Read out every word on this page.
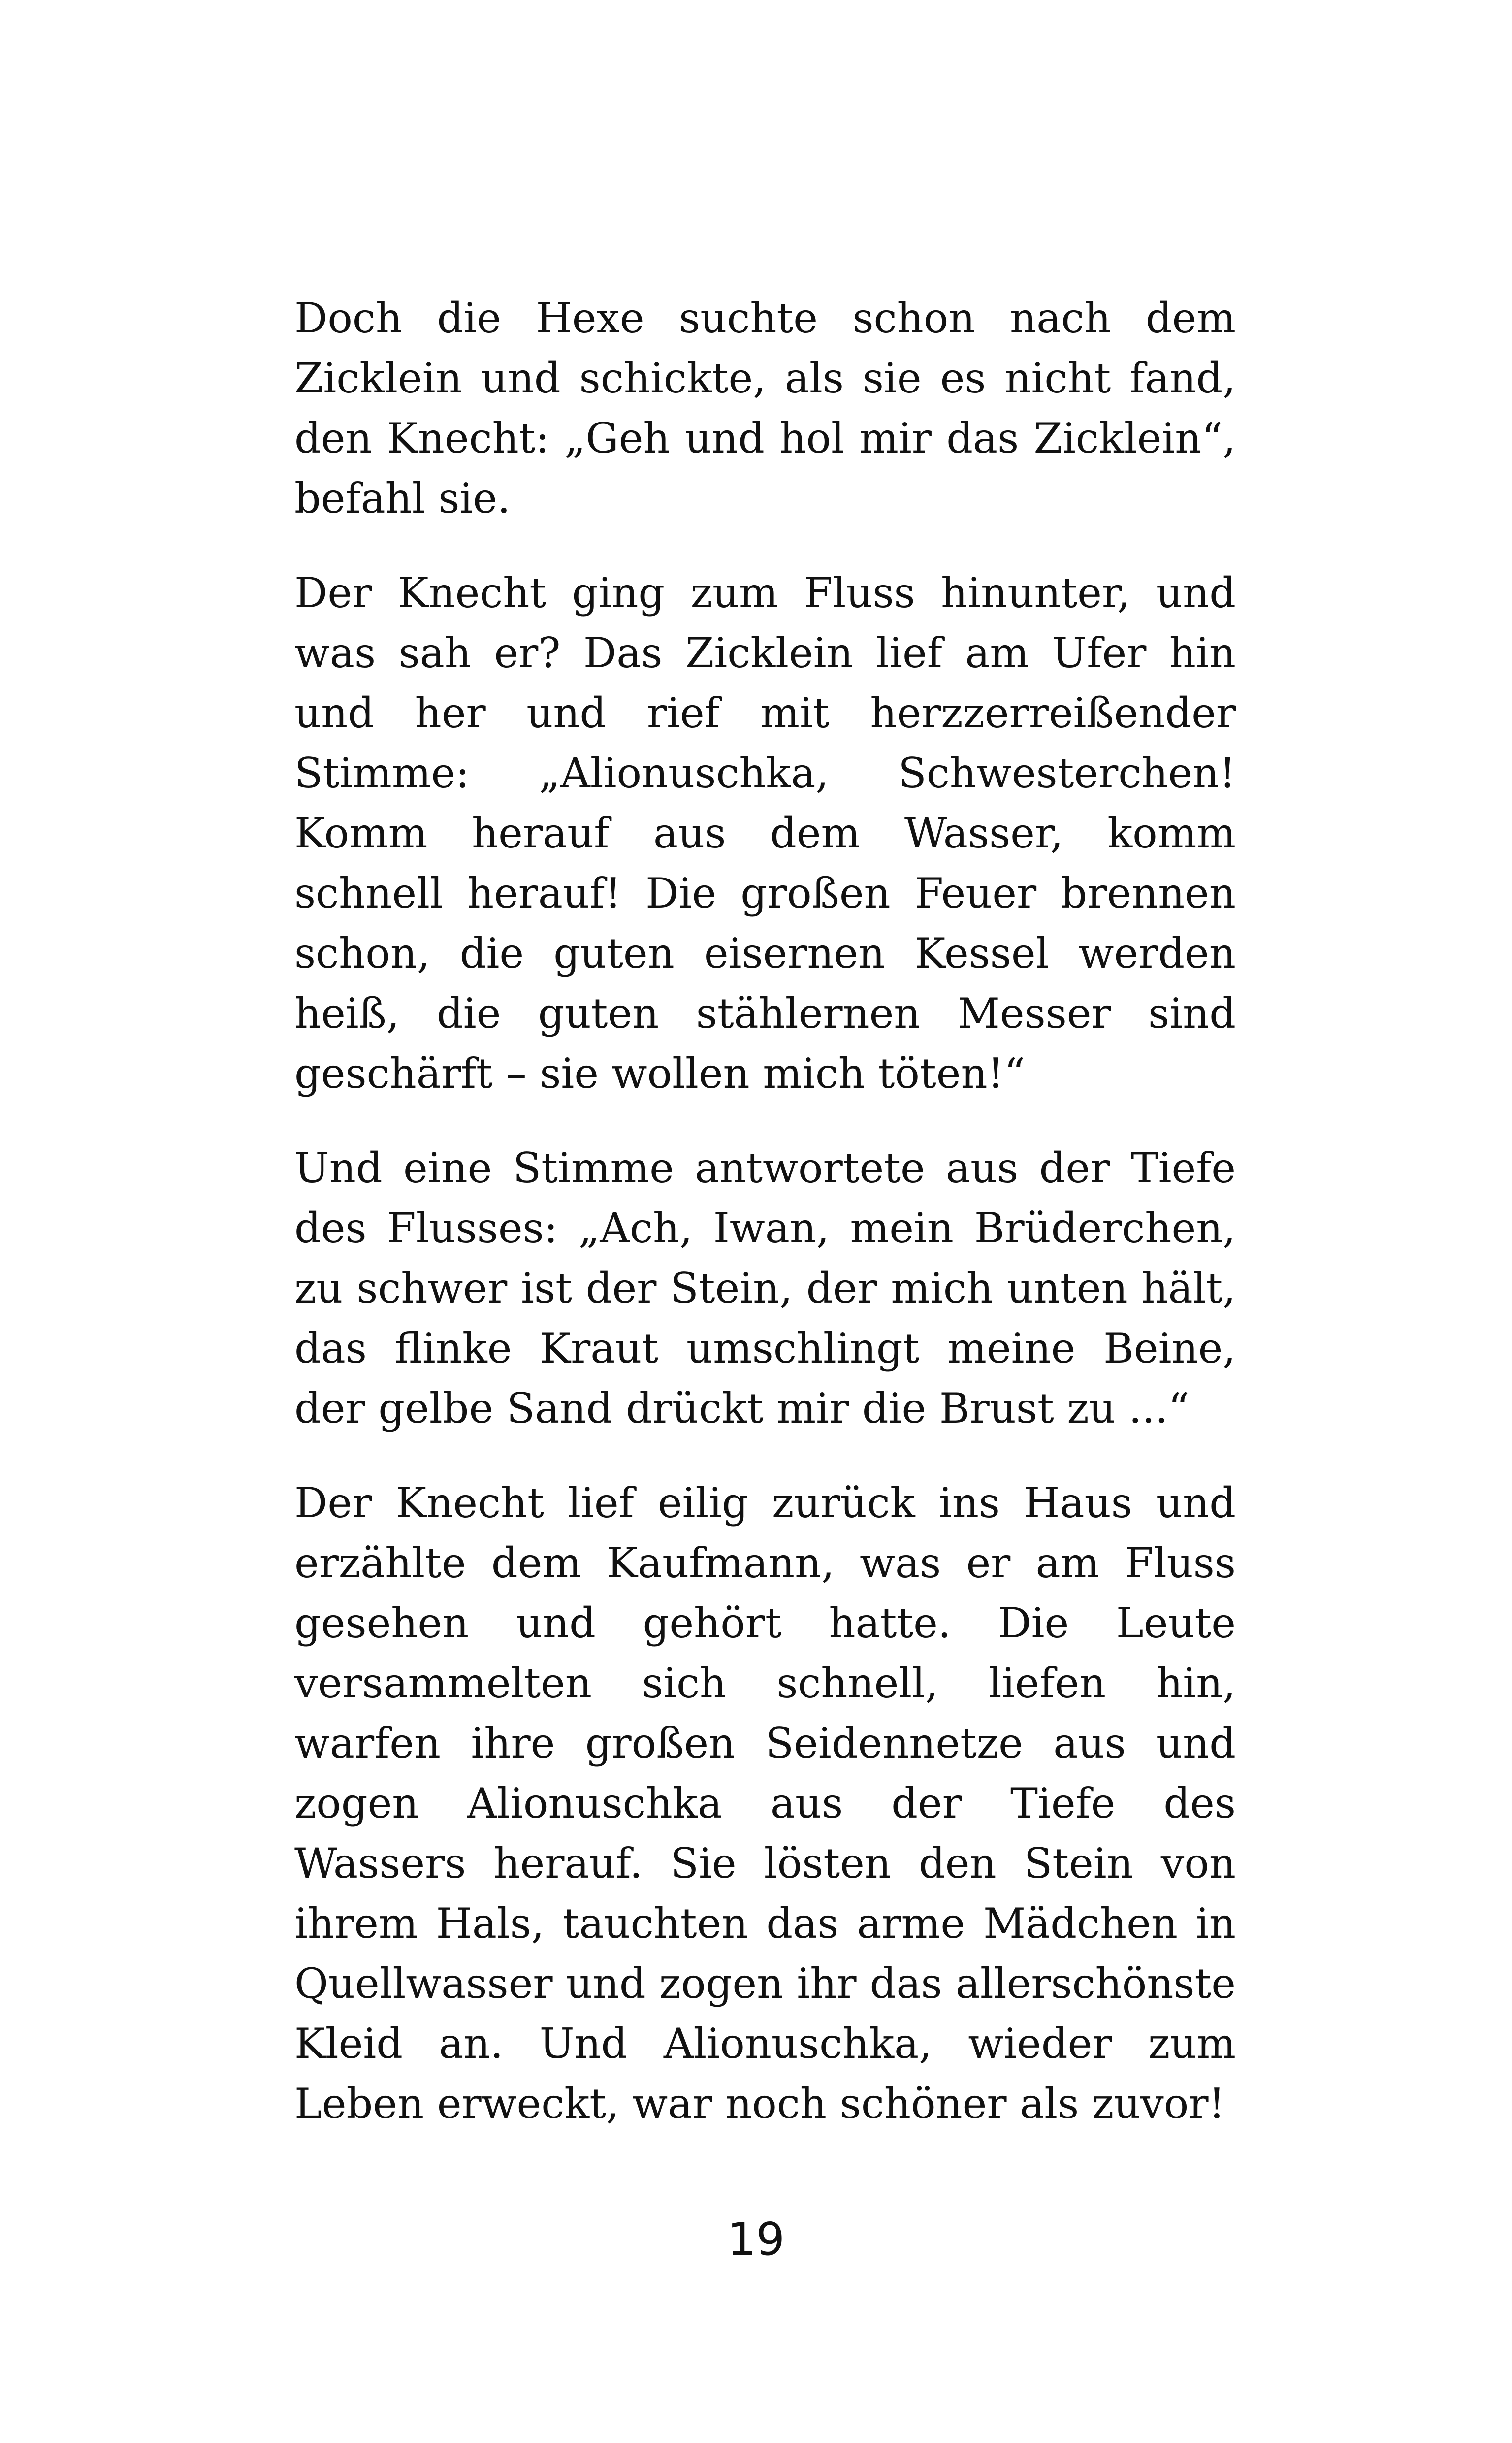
Doch die Hexe suchte schon nach dem Zicklein und schickte, als sie es nicht fand, den Knecht: „Geh und hol mir das Zicklein“, befahl sie.

Der Knecht ging zum Fluss hinunter, und was sah er? Das Zicklein lief am Ufer hin und her und rief mit herzzerreißender Stimme: „Alionuschka, Schwesterchen! Komm herauf aus dem Wasser, komm schnell herauf! Die großen Feuer brennen schon, die guten eisernen Kessel werden heiß, die guten stählernen Messer sind geschärft – sie wollen mich töten!“

Und eine Stimme antwortete aus der Tiefe des Flusses: „Ach, Iwan, mein Brüderchen, zu schwer ist der Stein, der mich unten hält, das flinke Kraut umschlingt meine Beine, der gelbe Sand drückt mir die Brust zu ...“

Der Knecht lief eilig zurück ins Haus und erzählte dem Kaufmann, was er am Fluss gesehen und gehört hatte. Die Leute versammelten sich schnell, liefen hin, warfen ihre großen Seidennetze aus und zogen Alionuschka aus der Tiefe des Wassers herauf. Sie lösten den Stein von ihrem Hals, tauchten das arme Mädchen in Quellwasser und zogen ihr das allerschönste Kleid an. Und Alionuschka, wieder zum Leben erweckt, war noch schöner als zuvor!

19
